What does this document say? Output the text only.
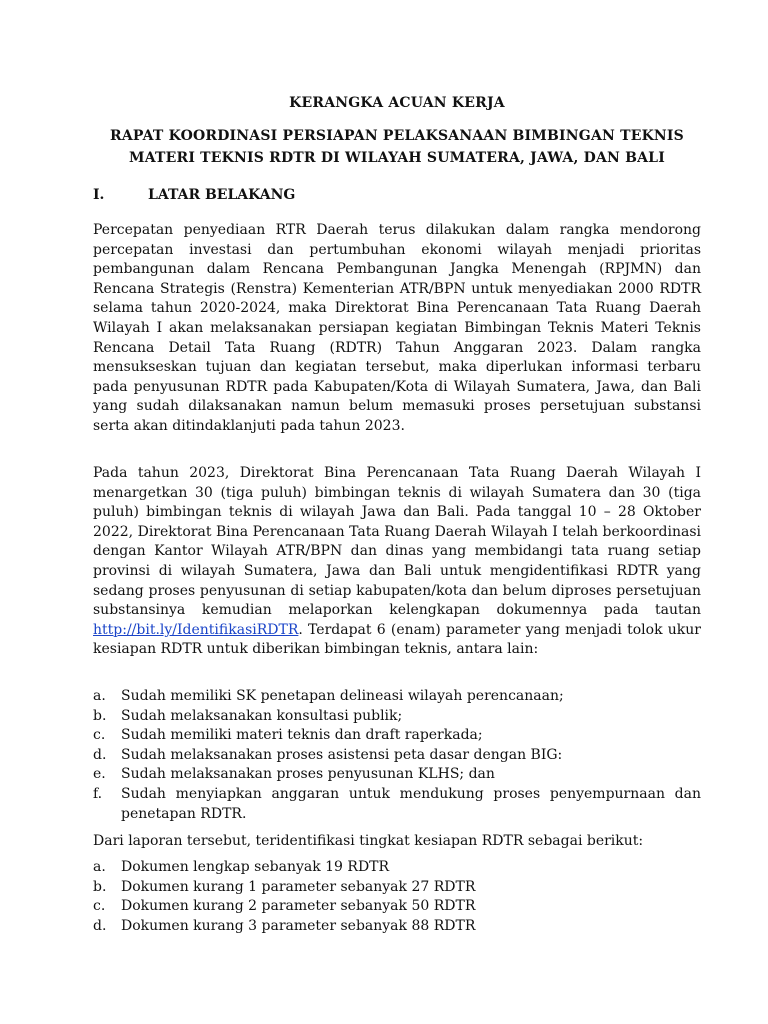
KERANGKA ACUAN KERJA
RAPAT KOORDINASI PERSIAPAN PELAKSANAAN BIMBINGAN TEKNIS
MATERI TEKNIS RDTR DI WILAYAH SUMATERA, JAWA, DAN BALI
I.	LATAR BELAKANG

Percepatan penyediaan RTR Daerah terus dilakukan dalam rangka mendorong percepatan investasi dan pertumbuhan ekonomi wilayah menjadi prioritas pembangunan dalam Rencana Pembangunan Jangka Menengah (RPJMN) dan Rencana Strategis (Renstra) Kementerian ATR/BPN untuk menyediakan 2000 RDTR selama tahun 2020-2024, maka Direktorat Bina Perencanaan Tata Ruang Daerah Wilayah I akan melaksanakan persiapan kegiatan Bimbingan Teknis Materi Teknis Rencana Detail Tata Ruang (RDTR) Tahun Anggaran 2023. Dalam rangka mensukseskan tujuan dan kegiatan tersebut, maka diperlukan informasi terbaru pada penyusunan RDTR pada Kabupaten/Kota di Wilayah Sumatera, Jawa, dan Bali yang sudah dilaksanakan namun belum memasuki proses persetujuan substansi serta akan ditindaklanjuti pada tahun 2023.

Pada tahun 2023, Direktorat Bina Perencanaan Tata Ruang Daerah Wilayah I menargetkan 30 (tiga puluh) bimbingan teknis di wilayah Sumatera dan 30 (tiga puluh) bimbingan teknis di wilayah Jawa dan Bali. Pada tanggal 10 – 28 Oktober 2022, Direktorat Bina Perencanaan Tata Ruang Daerah Wilayah I telah berkoordinasi dengan Kantor Wilayah ATR/BPN dan dinas yang membidangi tata ruang setiap provinsi di wilayah Sumatera, Jawa dan Bali untuk mengidentifikasi RDTR yang sedang proses penyusunan di setiap kabupaten/kota dan belum diproses persetujuan substansinya kemudian melaporkan kelengkapan dokumennya pada tautan http://bit.ly/IdentifikasiRDTR. Terdapat 6 (enam) parameter yang menjadi tolok ukur kesiapan RDTR untuk diberikan bimbingan teknis, antara lain:

a. Sudah memiliki SK penetapan delineasi wilayah perencanaan;
b. Sudah melaksanakan konsultasi publik;
c. Sudah memiliki materi teknis dan draft raperkada;
d. Sudah melaksanakan proses asistensi peta dasar dengan BIG:
e. Sudah melaksanakan proses penyusunan KLHS; dan
f. Sudah menyiapkan anggaran untuk mendukung proses penyempurnaan dan penetapan RDTR.
Dari laporan tersebut, teridentifikasi tingkat kesiapan RDTR sebagai berikut:
a. Dokumen lengkap sebanyak 19 RDTR
b. Dokumen kurang 1 parameter sebanyak 27 RDTR
c. Dokumen kurang 2 parameter sebanyak 50 RDTR
d. Dokumen kurang 3 parameter sebanyak 88 RDTR
